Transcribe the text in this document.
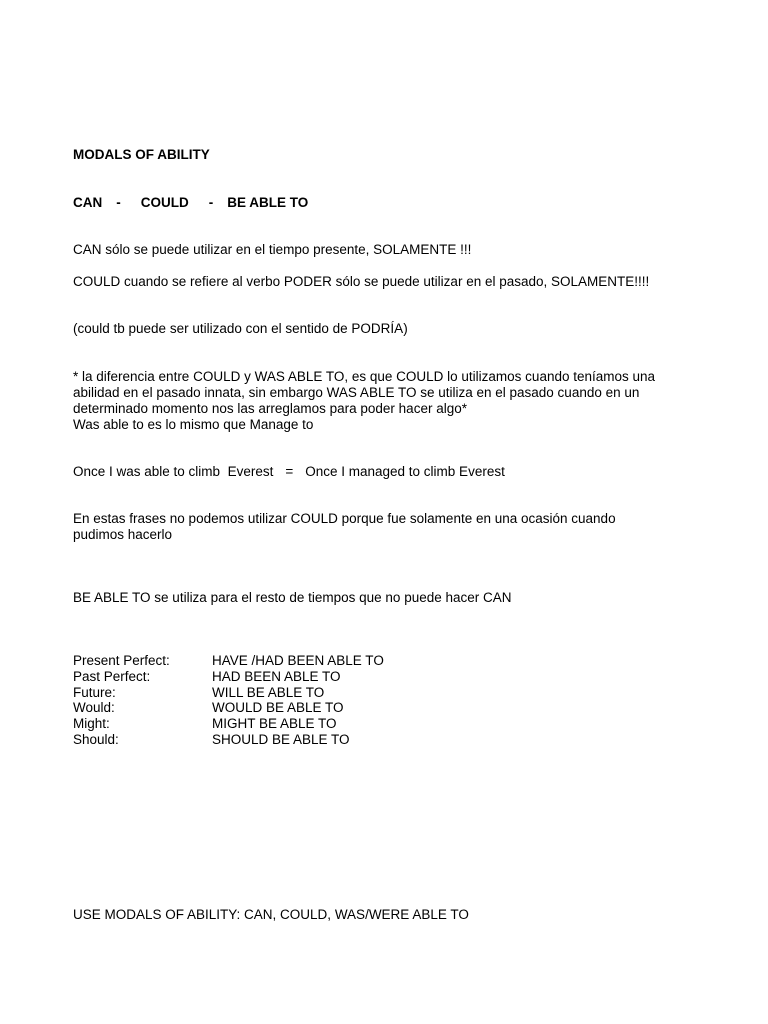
MODALS OF ABILITY
CAN - COULD - BE ABLE TO
CAN sólo se puede utilizar en el tiempo presente, SOLAMENTE !!!
COULD cuando se refiere al verbo PODER sólo se puede utilizar en el pasado, SOLAMENTE!!!!
(could tb puede ser utilizado con el sentido de PODRÍA)
* la diferencia entre COULD y WAS ABLE TO, es que COULD lo utilizamos cuando teníamos una
abilidad en el pasado innata, sin embargo WAS ABLE TO se utiliza en el pasado cuando en un
determinado momento nos las arreglamos para poder hacer algo*
Was able to es lo mismo que Manage to
Once I was able to climb  Everest = Once I managed to climb Everest
En estas frases no podemos utilizar COULD porque fue solamente en una ocasión cuando
pudimos hacerlo
BE ABLE TO se utiliza para el resto de tiempos que no puede hacer CAN
Present Perfect:	HAVE /HAD BEEN ABLE TO
Past Perfect:	HAD BEEN ABLE TO
Future:	WILL BE ABLE TO
Would:	WOULD BE ABLE TO
Might:	MIGHT BE ABLE TO
Should:	SHOULD BE ABLE TO
USE MODALS OF ABILITY: CAN, COULD, WAS/WERE ABLE TO
